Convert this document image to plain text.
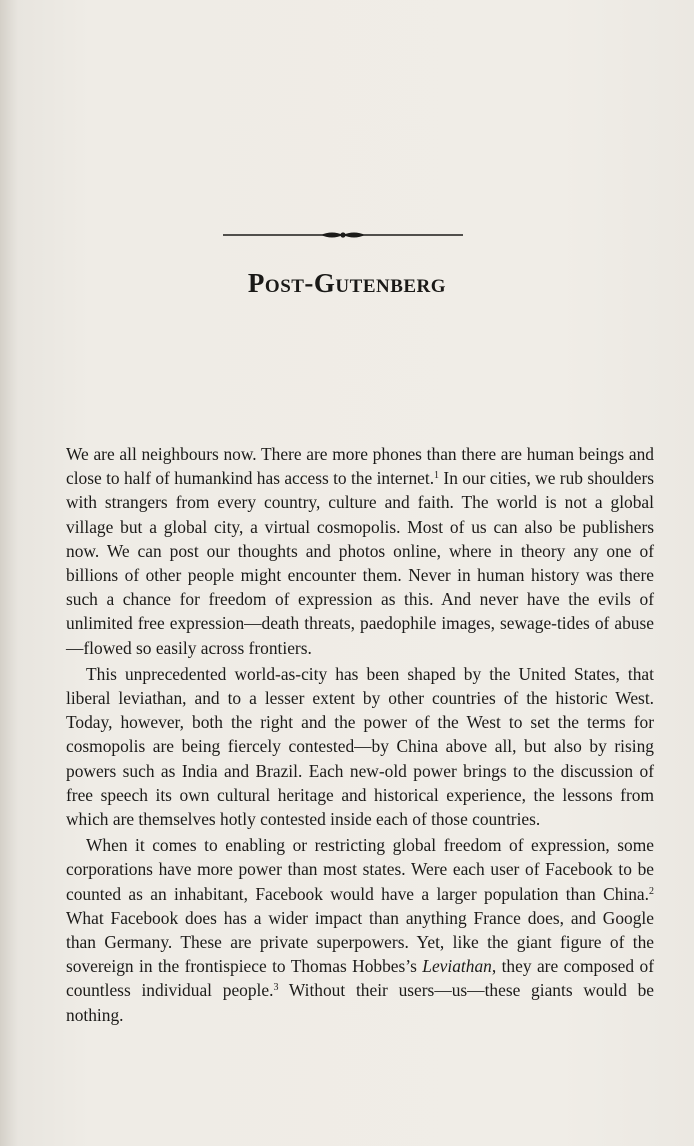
Post-Gutenberg

We are all neighbours now. There are more phones than there are human beings and close to half of humankind has access to the internet.$^1$ In our cities, we rub shoulders with strangers from every country, culture and faith. The world is not a global village but a global city, a virtual cosmopolis. Most of us can also be publishers now. We can post our thoughts and photos online, where in theory any one of billions of other people might encounter them. Never in human history was there such a chance for freedom of expression as this. And never have the evils of unlimited free expression—death threats, paedophile images, sewage-tides of abuse—flowed so easily across frontiers.

This unprecedented world-as-city has been shaped by the United States, that liberal leviathan, and to a lesser extent by other countries of the historic West. Today, however, both the right and the power of the West to set the terms for cosmopolis are being fiercely contested—by China above all, but also by rising powers such as India and Brazil. Each new-old power brings to the discussion of free speech its own cultural heritage and historical experience, the lessons from which are themselves hotly contested inside each of those countries.

When it comes to enabling or restricting global freedom of expression, some corporations have more power than most states. Were each user of Facebook to be counted as an inhabitant, Facebook would have a larger population than China.$^2$ What Facebook does has a wider impact than anything France does, and Google than Germany. These are private superpowers. Yet, like the giant figure of the sovereign in the frontispiece to Thomas Hobbes’s Leviathan, they are composed of countless individual people.$^3$ Without their users—us—these giants would be nothing.
